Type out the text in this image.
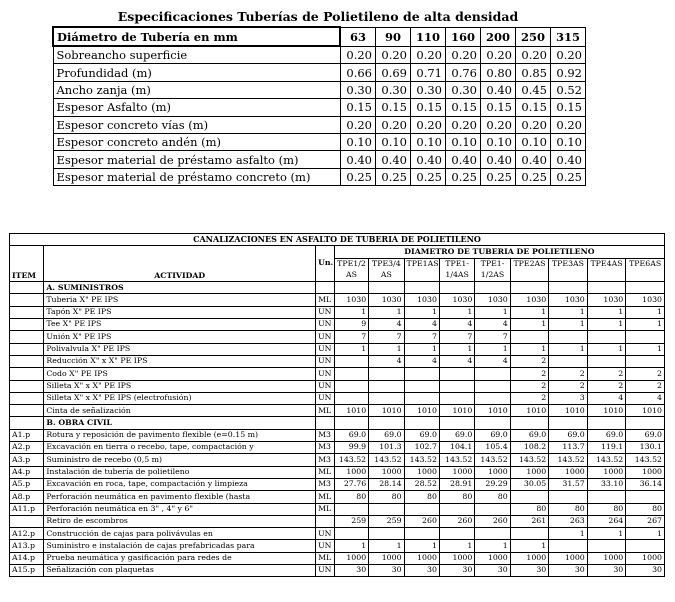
Especificaciones Tuberías de Polietileno de alta densidad
Diámetro de Tubería en mm	63	90	110	160	200	250	315
Sobreancho superficie	0.20	0.20	0.20	0.20	0.20	0.20	0.20
Profundidad (m)	0.66	0.69	0.71	0.76	0.80	0.85	0.92
Ancho zanja (m)	0.30	0.30	0.30	0.30	0.40	0.45	0.52
Espesor Asfalto (m)	0.15	0.15	0.15	0.15	0.15	0.15	0.15
Espesor concreto vías (m)	0.20	0.20	0.20	0.20	0.20	0.20	0.20
Espesor concreto andén (m)	0.10	0.10	0.10	0.10	0.10	0.10	0.10
Espesor material de préstamo asfalto (m)	0.40	0.40	0.40	0.40	0.40	0.40	0.40
Espesor material de préstamo concreto (m)	0.25	0.25	0.25	0.25	0.25	0.25	0.25
CANALIZACIONES EN ASFALTO DE TUBERIA DE POLIETILENO											
ITEM	ACTIVIDAD	Un.	DIAMETRO DE TUBERIA DE POLIETILENO								
			TPE1/2	TPE3/4	TPE1AS	TPE1-	TPE1-	TPE2AS	TPE3AS	TPE4AS	TPE6AS
			AS	AS		1/4AS	1/2AS				
	A. SUMINISTROS										
	Tuberia X" PE IPS	ML	1030	1030	1030	1030	1030	1030	1030	1030	1030
	Tapón X" PE IPS	UN	1	1	1	1	1	1	1	1	1
	Tee X" PE IPS	UN	9	4	4	4	4	1	1	1	1
	Unión X" PE IPS	UN	7	7	7	7	7				
	Polivalvula X" PE IPS	UN	1	1	1	1	1	1	1	1	1
	Reducción X" x X" PE IPS	UN		4	4	4	4	2			
	Codo X" PE IPS	UN						2	2	2	2
	Silleta X" x X" PE IPS	UN						2	2	2	2
	Silleta X" x X" PE IPS (electrofusión)	UN						2	3	4	4
	Cinta de señalización	ML	1010	1010	1010	1010	1010	1010	1010	1010	1010
	B. OBRA CIVIL										
A1.p	Rotura y reposición de pavimento flexible (e=0.15 m)	M3	69.0	69.0	69.0	69.0	69.0	69.0	69.0	69.0	69.0
A2.p	Excavación en tierra o recebo, tape, compactación y	M3	99.9	101.3	102.7	104.1	105.4	108.2	113.7	119.1	130.1
A3.p	Suministro de recebo (0,5 m)	M3	143.52	143.52	143.52	143.52	143.52	143.52	143.52	143.52	143.52
A4.p	Instalación de tubería de polietileno	ML	1000	1000	1000	1000	1000	1000	1000	1000	1000
A5.p	Excavación en roca, tape, compactación y limpieza	M3	27.76	28.14	28.52	28.91	29.29	30.05	31.57	33.10	36.14
A8.p	Perforación neumática en pavimento flexible (hasta	ML	80	80	80	80	80				
A11.p	Perforación neumática en 3" , 4" y 6"	ML						80	80	80	80
	Retiro de escombros		259	259	260	260	260	261	263	264	267
A12.p	Construcción de cajas para polivávulas en	UN							1	1	1
A13.p	Suministro e instalación de cajas prefabricadas para	UN	1	1	1	1	1	1			
A14.p	Prueba neumática y gasificación para redes de	ML	1000	1000	1000	1000	1000	1000	1000	1000	1000
A15.p	Señalización con plaquetas	UN	30	30	30	30	30	30	30	30	30
